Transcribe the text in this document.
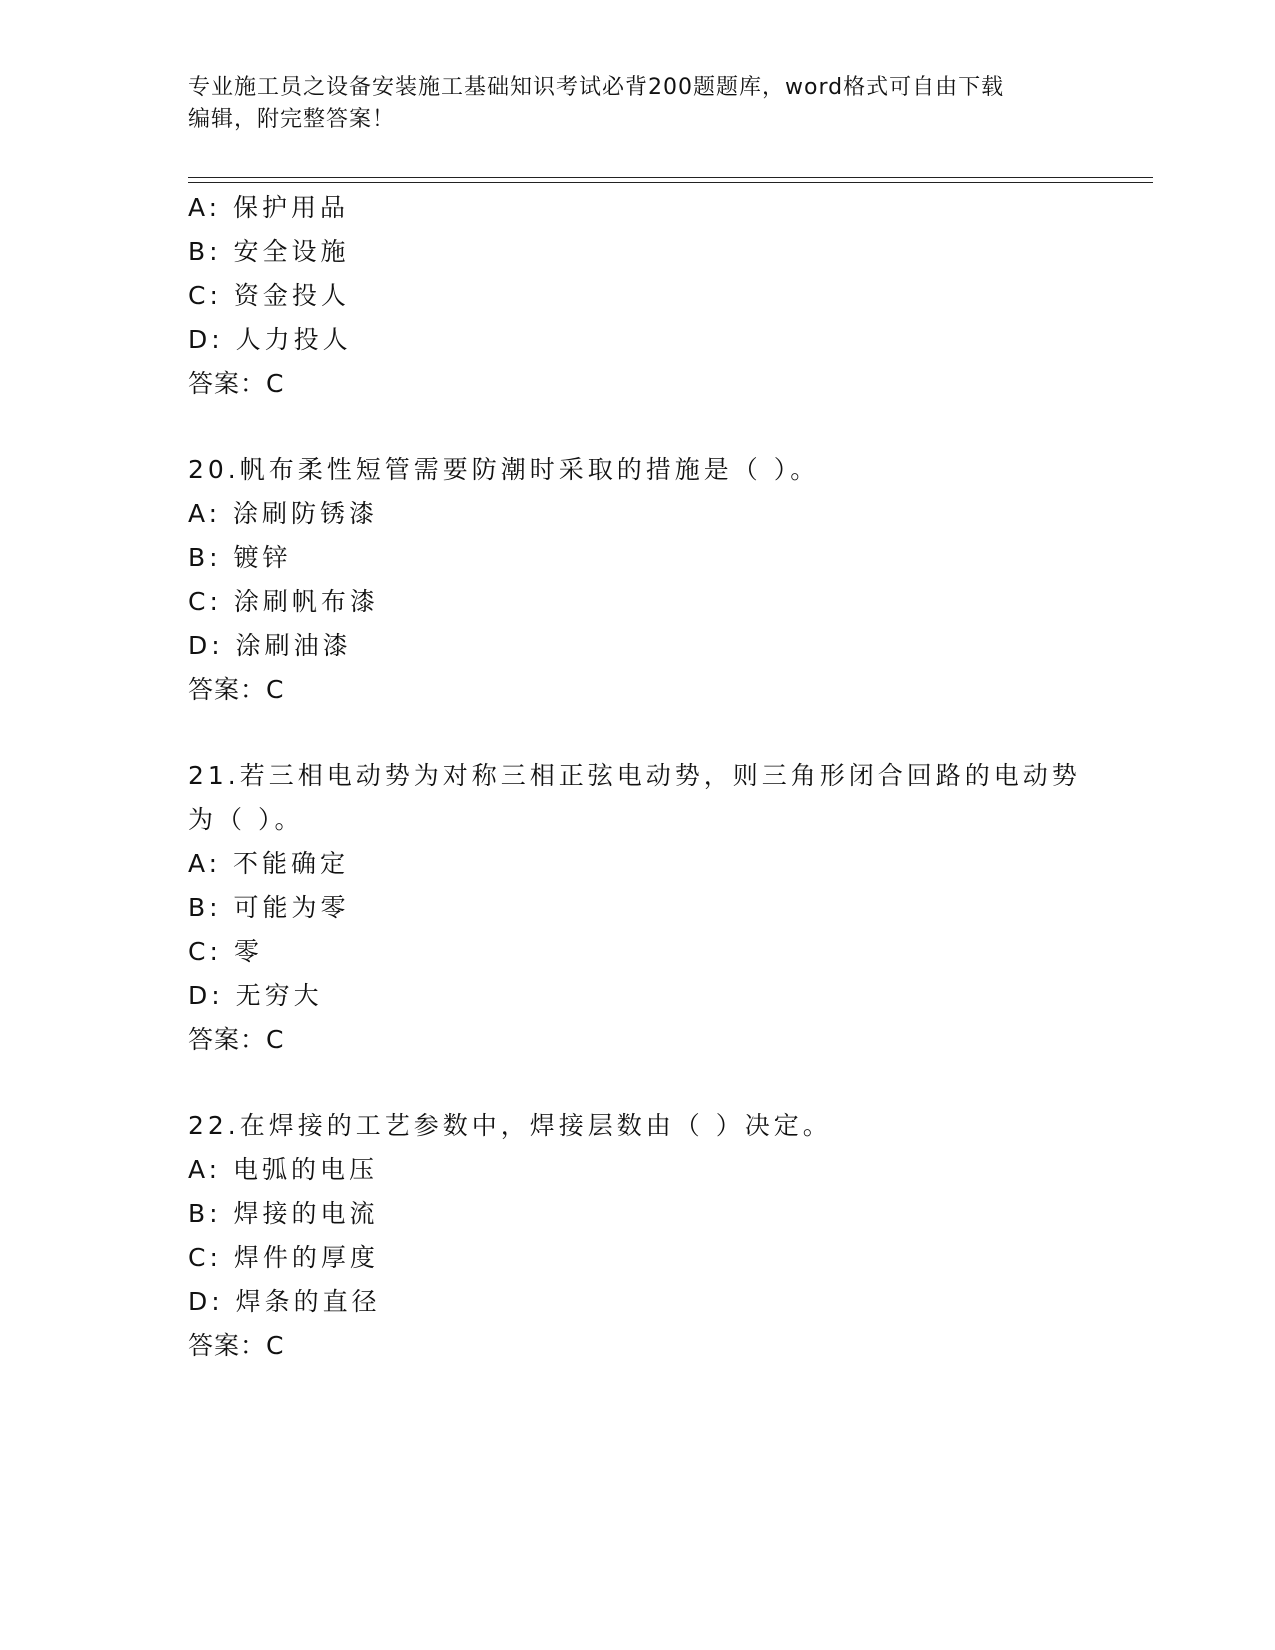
专业施工员之设备安装施工基础知识考试必背200题题库，word格式可自由下载
编辑，附完整答案！
A: 保护用品
B: 安全设施
C: 资金投人
D: 人力投人
答案：C
20.帆布柔性短管需要防潮时采取的措施是（ ）。
A: 涂刷防锈漆
B: 镀锌
C: 涂刷帆布漆
D: 涂刷油漆
答案：C
21.若三相电动势为对称三相正弦电动势，则三角形闭合回路的电动势
为（ ）。
A: 不能确定
B: 可能为零
C: 零
D: 无穷大
答案：C
22.在焊接的工艺参数中，焊接层数由（ ）决定。
A: 电弧的电压
B: 焊接的电流
C: 焊件的厚度
D: 焊条的直径
答案：C
